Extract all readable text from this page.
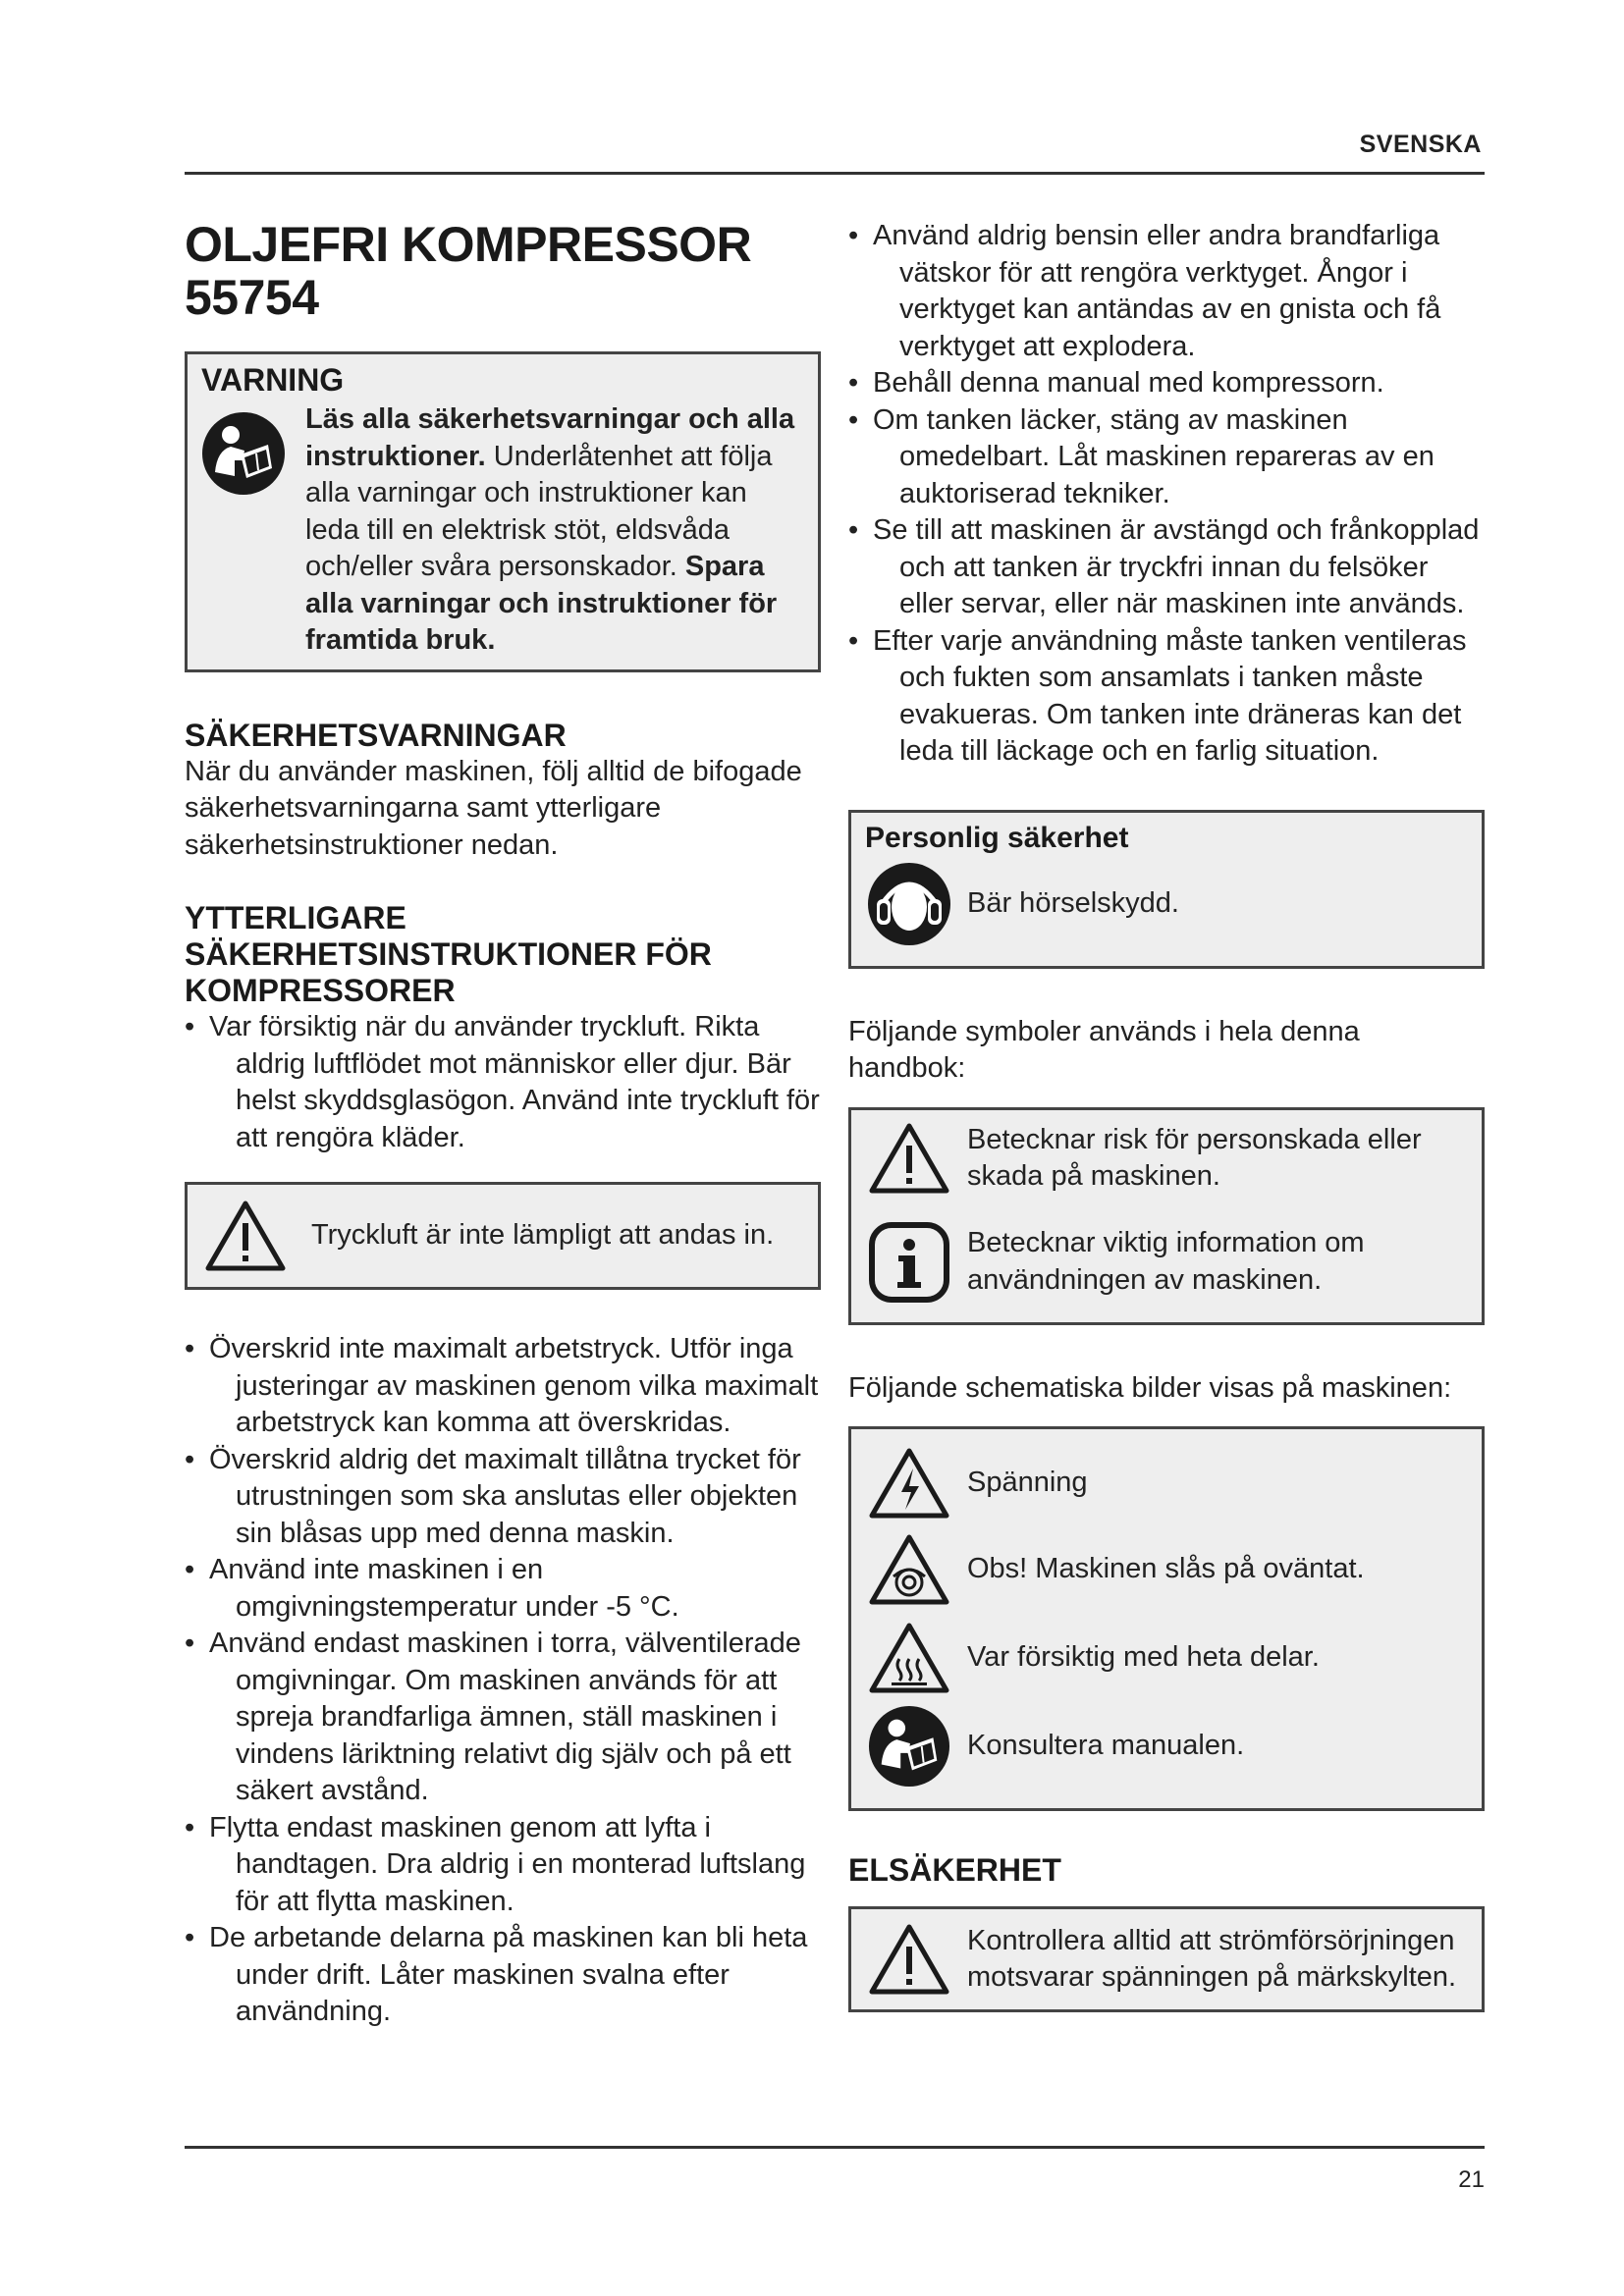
SVENSKA
OLJEFRI KOMPRESSOR
55754
VARNING
Läs alla säkerhetsvarningar och alla instruktioner. Underlåtenhet att följa alla varningar och instruktioner kan leda till en elektrisk stöt, eldsvåda och/eller svåra personskador. Spara alla varningar och instruktioner för framtida bruk.
SÄKERHETSVARNINGAR

När du använder maskinen, följ alltid de bifogade säkerhetsvarningarna samt ytterligare säkerhetsinstruktioner nedan.

YTTERLIGARE
SÄKERHETSINSTRUKTIONER FÖR
KOMPRESSORER
• Var försiktig när du använder tryckluft. Rikta aldrig luftflödet mot människor eller djur. Bär helst skyddsglasögon. Använd inte tryckluft för att rengöra kläder.
Tryckluft är inte lämpligt att andas in.
• Överskrid inte maximalt arbetstryck. Utför inga justeringar av maskinen genom vilka maximalt arbetstryck kan komma att överskridas.
• Överskrid aldrig det maximalt tillåtna trycket för utrustningen som ska anslutas eller objekten sin blåsas upp med denna maskin.
• Använd inte maskinen i en omgivningstemperatur under -5 °C.
• Använd endast maskinen i torra, välventilerade omgivningar. Om maskinen används för att spreja brandfarliga ämnen, ställ maskinen i vindens läriktning relativt dig själv och på ett säkert avstånd.
• Flytta endast maskinen genom att lyfta i handtagen. Dra aldrig i en monterad luftslang för att flytta maskinen.
• De arbetande delarna på maskinen kan bli heta under drift. Låter maskinen svalna efter användning.
• Använd aldrig bensin eller andra brandfarliga vätskor för att rengöra verktyget. Ångor i verktyget kan antändas av en gnista och få verktyget att explodera.
• Behåll denna manual med kompressorn.
• Om tanken läcker, stäng av maskinen omedelbart. Låt maskinen repareras av en auktoriserad tekniker.
• Se till att maskinen är avstängd och frånkopplad och att tanken är tryckfri innan du felsöker eller servar, eller när maskinen inte används.
• Efter varje användning måste tanken ventileras och fukten som ansamlats i tanken måste evakueras. Om tanken inte dräneras kan det leda till läckage och en farlig situation.
Personlig säkerhet
Bär hörselskydd.

Följande symboler används i hela denna handbok:

Betecknar risk för personskada eller skada på maskinen.
Betecknar viktig information om användningen av maskinen.

Följande schematiska bilder visas på maskinen:

Spänning
Obs! Maskinen slås på oväntat.
Var försiktig med heta delar.
Konsultera manualen.
ELSÄKERHET
Kontrollera alltid att strömförsörjningen motsvarar spänningen på märkskylten.
21
